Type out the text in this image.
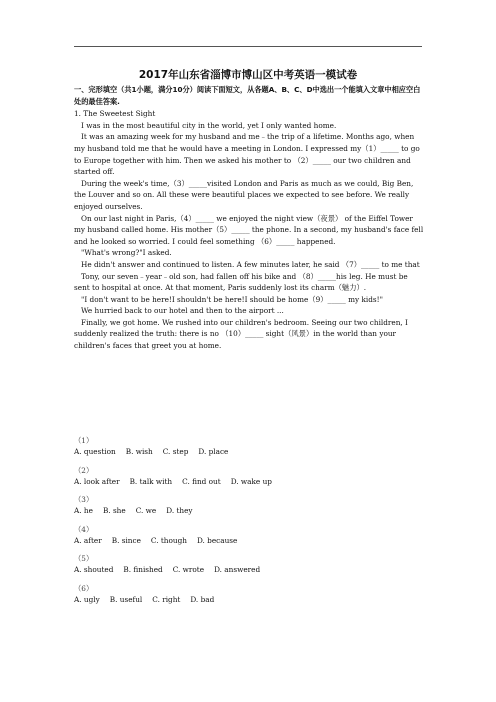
2017年山东省淄博市博山区中考英语一模试卷
一、完形填空（共1小题，满分10分）阅读下面短文，从各题A、B、C、D中选出一个能填入文章中相应空白处的最佳答案.
1. The Sweetest Sight

I was in the most beautiful city in the world, yet I only wanted home.

It was an amazing week for my husband and me﹣the trip of a lifetime. Months ago, when my husband told me that he would have a meeting in London. I expressed my（1）_____ to go to Europe together with him. Then we asked his mother to （2）_____ our two children and started off.

During the week's time,（3）_____visited London and Paris as much as we could, Big Ben, the Louver and so on. All these were beautiful places we expected to see before. We really enjoyed ourselves.

On our last night in Paris,（4）_____ we enjoyed the night view（夜景） of the Eiffel Tower my husband called home. His mother（5）_____ the phone. In a second, my husband's face fell and he looked so worried. I could feel something （6）_____ happened.

"What's wrong?"I asked.

He didn't answer and continued to listen. A few minutes later, he said （7）_____ to me that

Tony, our seven﹣year﹣old son, had fallen off his bike and （8）_____his leg. He must be sent to hospital at once. At that moment, Paris suddenly lost its charm（魅力）.

"I don't want to be here!I shouldn't be here!I should be home（9）_____ my kids!"

We hurried back to our hotel and then to the airport ...

Finally, we got home. We rushed into our children's bedroom. Seeing our two children, I suddenly realized the truth: there is no （10）_____ sight（风景）in the world than your children's faces that greet you at home.

（1）
A. question B. wish C. step D. place
（2）
A. look after B. talk with C. find out D. wake up
（3）
A. he B. she C. we D. they
（4）
A. after B. since C. though D. because
（5）
A. shouted B. finished C. wrote D. answered
（6）
A. ugly B. useful C. right D. bad
